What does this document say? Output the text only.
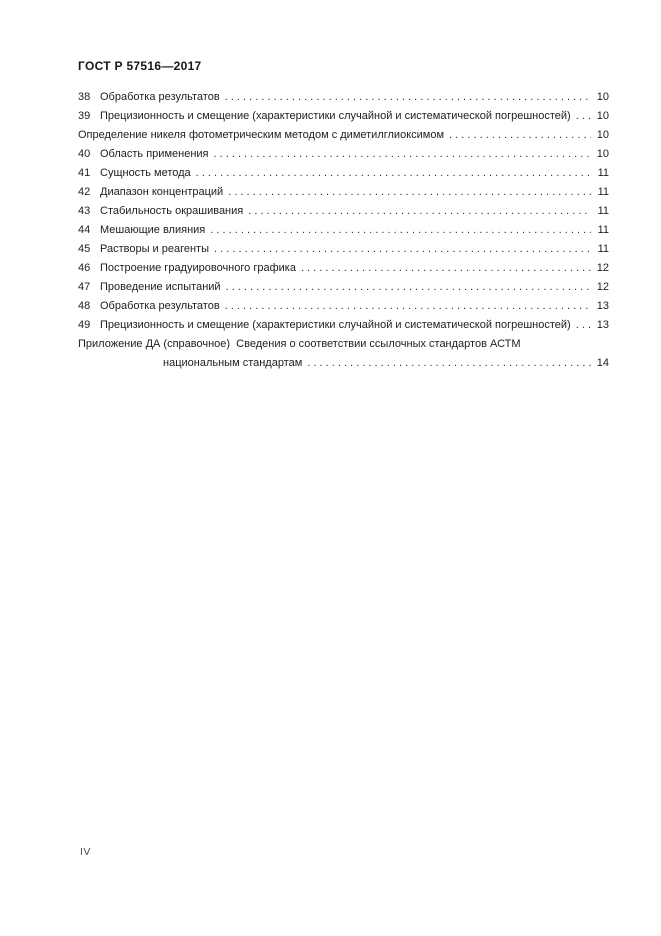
ГОСТ Р 57516—2017
38 Обработка результатов . . .	10
39 Прецизионность и смещение (характеристики случайной и систематической погрешностей) . . . 10
Определение никеля фотометрическим методом с диметилглиоксимом . . .	10
40 Область применения . . .	10
41 Сущность метода . . .	11
42 Диапазон концентраций . . .	11
43 Стабильность окрашивания . . .	11
44 Мешающие влияния . . .	11
45 Растворы и реагенты . . .	11
46 Построение градуировочного графика . . .	12
47 Проведение испытаний . . .	12
48 Обработка результатов . . .	13
49 Прецизионность и смещение (характеристики случайной и систематической погрешностей) . . . 13
Приложение ДА (справочное)  Сведения о соответствии ссылочных стандартов АСТМ
национальным стандартам . . .	14
IV
